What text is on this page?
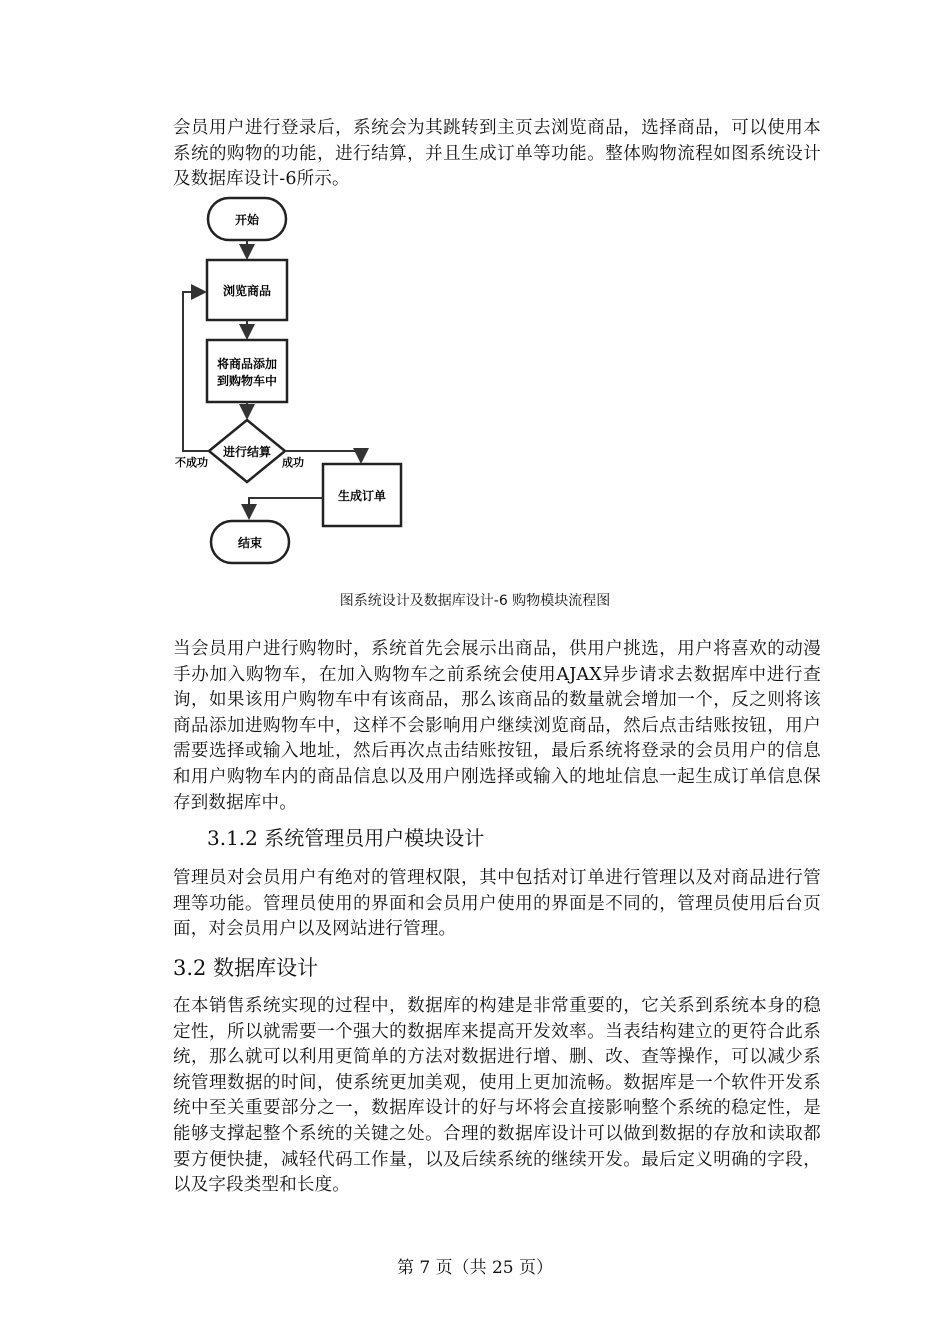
会员用户进行登录后，系统会为其跳转到主页去浏览商品，选择商品，可以使用本系统的购物的功能，进行结算，并且生成订单等功能。整体购物流程如图系统设计及数据库设计-6所示。

开始
浏览商品
将商品添加
到购物车中
进行结算
不成功	成功
生成订单
结束
图系统设计及数据库设计-6 购物模块流程图

当会员用户进行购物时，系统首先会展示出商品，供用户挑选，用户将喜欢的动漫手办加入购物车，在加入购物车之前系统会使用AJAX异步请求去数据库中进行查询，如果该用户购物车中有该商品，那么该商品的数量就会增加一个，反之则将该商品添加进购物车中，这样不会影响用户继续浏览商品，然后点击结账按钮，用户需要选择或输入地址，然后再次点击结账按钮，最后系统将登录的会员用户的信息和用户购物车内的商品信息以及用户刚选择或输入的地址信息一起生成订单信息保存到数据库中。

3.1.2 系统管理员用户模块设计

管理员对会员用户有绝对的管理权限，其中包括对订单进行管理以及对商品进行管理等功能。管理员使用的界面和会员用户使用的界面是不同的，管理员使用后台页面，对会员用户以及网站进行管理。

3.2 数据库设计

在本销售系统实现的过程中，数据库的构建是非常重要的，它关系到系统本身的稳定性，所以就需要一个强大的数据库来提高开发效率。当表结构建立的更符合此系统，那么就可以利用更简单的方法对数据进行增、删、改、查等操作，可以减少系统管理数据的时间，使系统更加美观，使用上更加流畅。数据库是一个软件开发系统中至关重要部分之一，数据库设计的好与坏将会直接影响整个系统的稳定性，是能够支撑起整个系统的关键之处。合理的数据库设计可以做到数据的存放和读取都要方便快捷，减轻代码工作量，以及后续系统的继续开发。最后定义明确的字段，以及字段类型和长度。

第 7 页（共 25 页）
